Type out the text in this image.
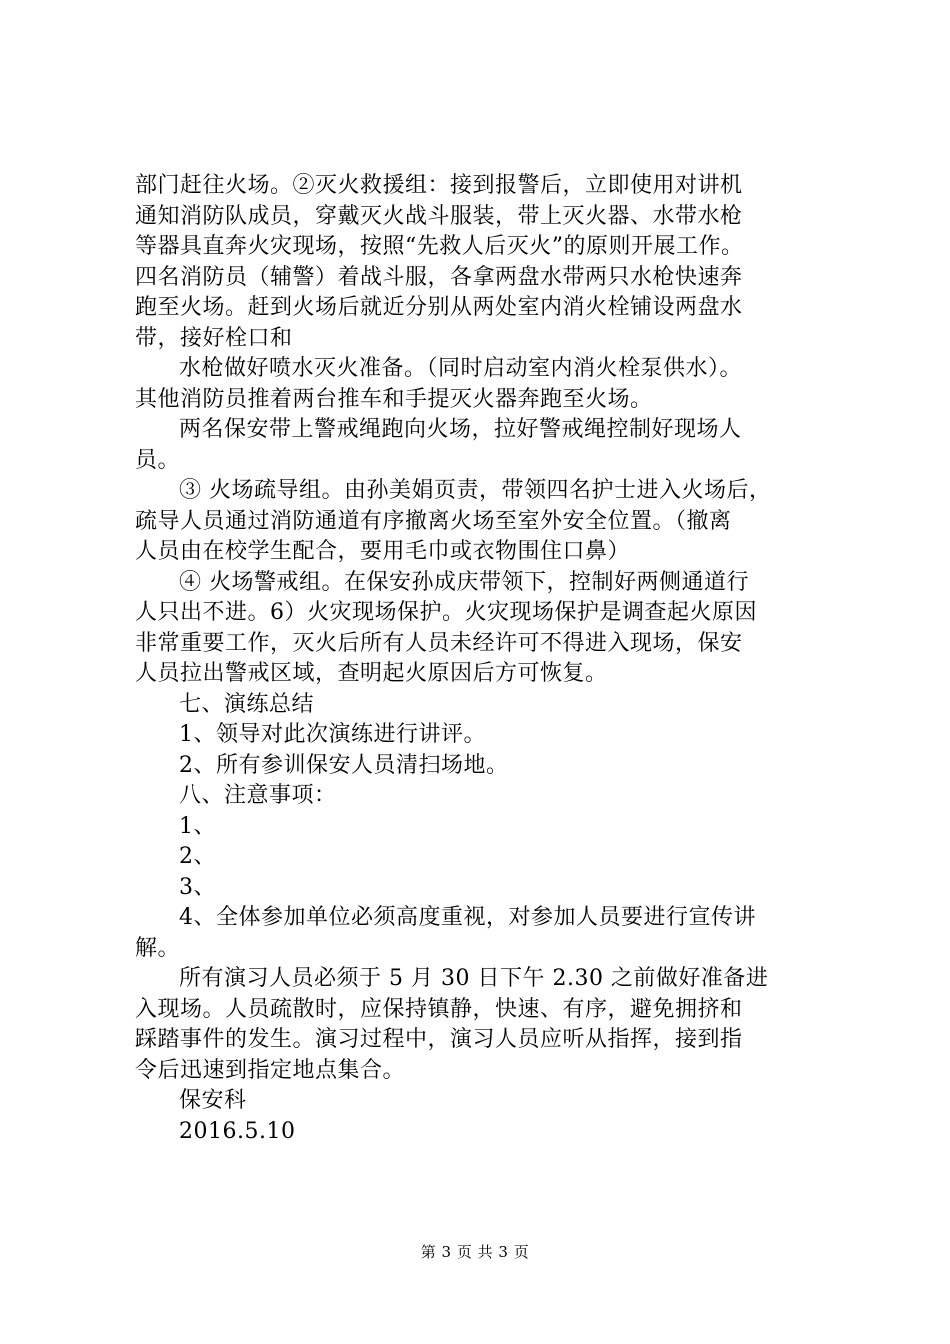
部门赶往火场。②灭火救援组：接到报警后，立即使用对讲机
通知消防队成员，穿戴灭火战斗服装，带上灭火器、水带水枪
等器具直奔火灾现场，按照“先救人后灭火”的原则开展工作。
四名消防员（辅警）着战斗服，各拿两盘水带两只水枪快速奔
跑至火场。赶到火场后就近分别从两处室内消火栓铺设两盘水
带，接好栓口和
水枪做好喷水灭火准备。（同时启动室内消火栓泵供水）。
其他消防员推着两台推车和手提灭火器奔跑至火场。
两名保安带上警戒绳跑向火场，拉好警戒绳控制好现场人
员。
③ 火场疏导组。由孙美娟页责，带领四名护士进入火场后，
疏导人员通过消防通道有序撤离火场至室外安全位置。（撤离
人员由在校学生配合，要用毛巾或衣物围住口鼻）
④ 火场警戒组。在保安孙成庆带领下，控制好两侧通道行
人只出不进。6）火灾现场保护。火灾现场保护是调查起火原因
非常重要工作，灭火后所有人员未经许可不得进入现场，保安
人员拉出警戒区域，查明起火原因后方可恢复。
七、演练总结
1、领导对此次演练进行讲评。
2、所有参训保安人员清扫场地。
八、注意事项：
1、
2、
3、
4、全体参加单位必须高度重视，对参加人员要进行宣传讲
解。
所有演习人员必须于 5 月 30 日下午 2.30 之前做好准备进
入现场。人员疏散时，应保持镇静，快速、有序，避免拥挤和
踩踏事件的发生。演习过程中，演习人员应听从指挥，接到指
令后迅速到指定地点集合。
保安科
2016.5.10
第 3 页 共 3 页
